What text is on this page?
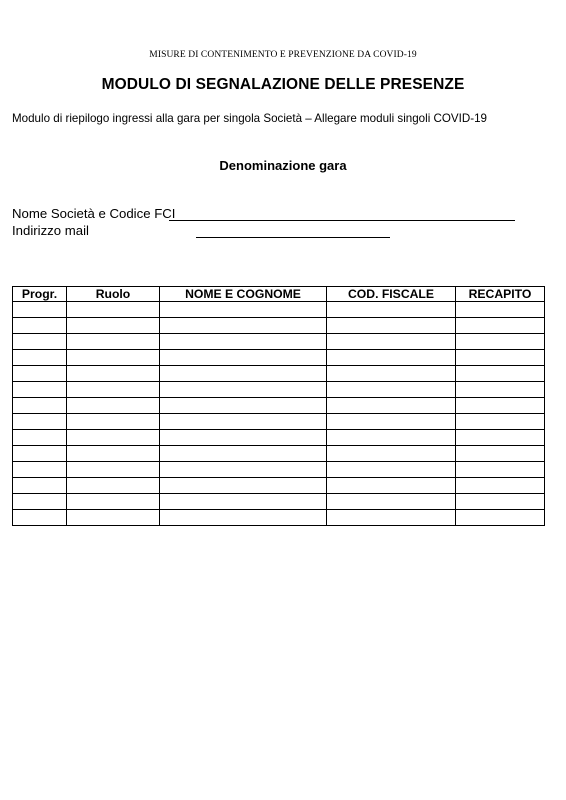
MISURE DI CONTENIMENTO E PREVENZIONE DA COVID-19
MODULO DI SEGNALAZIONE DELLE PRESENZE
Modulo di riepilogo ingressi alla gara per singola Società – Allegare moduli singoli COVID-19
Denominazione gara
Nome Società e Codice FCI
Indirizzo mail
Progr.	Ruolo	NOME E COGNOME	COD. FISCALE	RECAPITO
